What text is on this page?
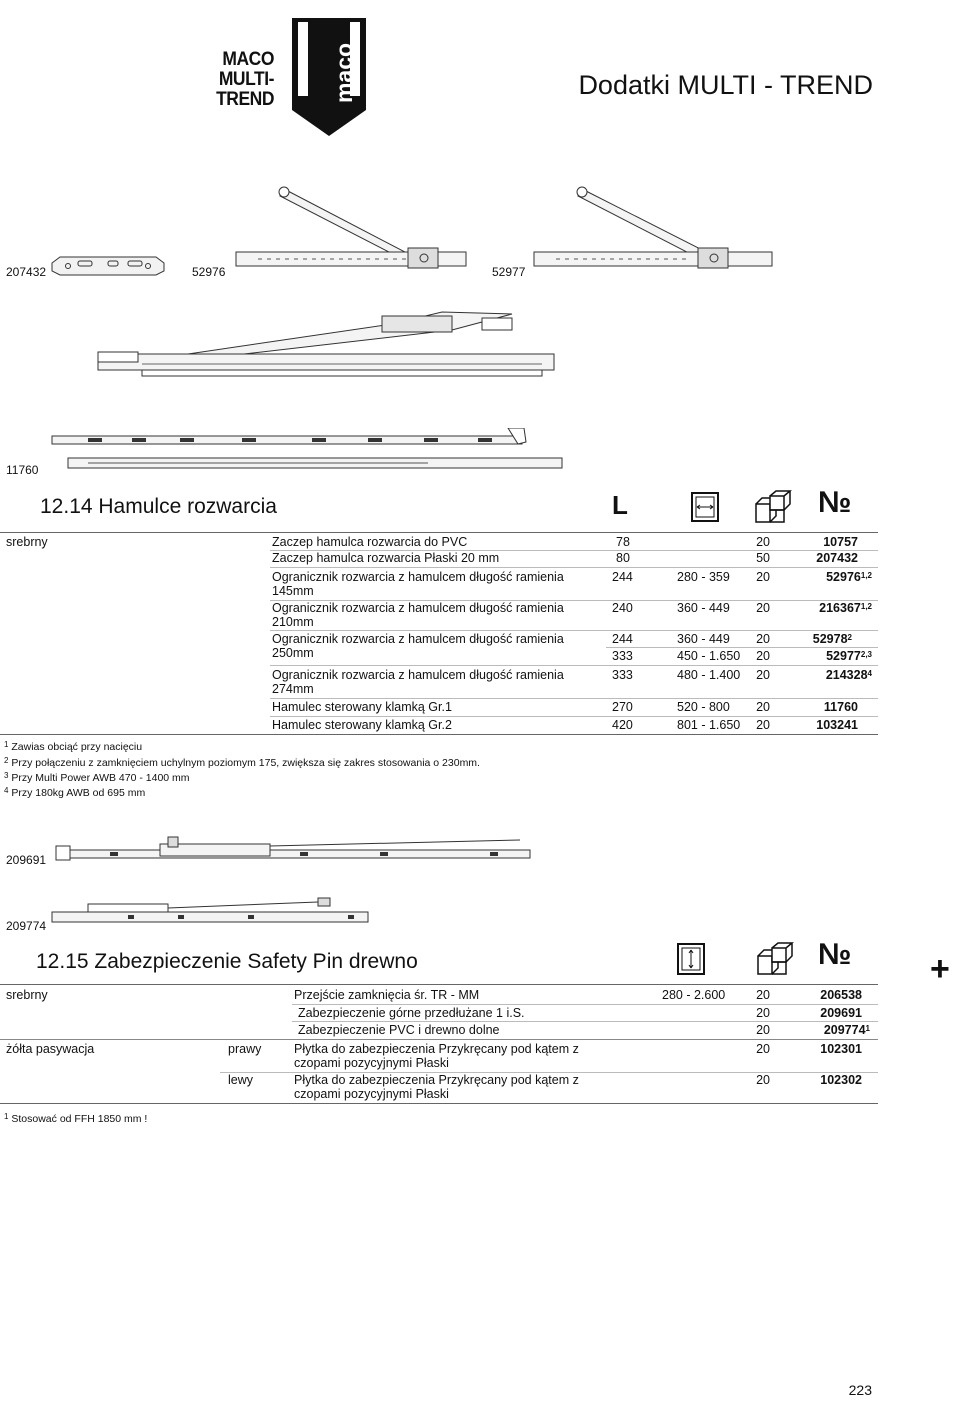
MACO
MULTI-TREND maco	Dodatki MULTI - TREND
207432	52976	52977
11760
12.14 Hamulce rozwarcia	L	№
srebrny	Zaczep hamulca rozwarcia do PVC	78	20	10757
Zaczep hamulca rozwarcia Płaski 20 mm	80	50	207432
Ogranicznik rozwarcia z hamulcem długość ramienia
145mm
244	280 - 359	20	52976$^{1,2}$
Ogranicznik rozwarcia z hamulcem długość ramienia
210mm
240	360 - 449	20	216367$^{1,2}$
Ogranicznik rozwarcia z hamulcem długość ramienia
250mm
244	360 - 449	20	52978$^2$
333	450 - 1.650	20	52977$^{2,3}$
Ogranicznik rozwarcia z hamulcem długość ramienia
274mm
333	480 - 1.400	20	214328$^4$
Hamulec sterowany klamką Gr.1	270	520 - 800	20	11760
Hamulec sterowany klamką Gr.2	420	801 - 1.650	20	103241
$^1$ Zawias obciąć przy nacięciu
$^2$ Przy połączeniu z zamknięciem uchylnym poziomym 175, zwiększa się zakres stosowania o 230mm.
$^3$ Przy Multi Power AWB 470 - 1400 mm
$^4$ Przy 180kg AWB od 695 mm
209691
209774
12.15 Zabezpieczenie Safety Pin drewno	№ +
srebrny	Przejście zamknięcia śr. TR - MM	280 - 2.600	20	206538
Zabezpieczenie górne przedłużane 1 i.S.	20	209691
Zabezpieczenie PVC i drewno dolne	20	209774$^1$
żółta pasywacja	prawy	Płytka do zabezpieczenia Przykręcany pod kątem z
czopami pozycyjnymi Płaski
20	102301
lewy	Płytka do zabezpieczenia Przykręcany pod kątem z
czopami pozycyjnymi Płaski
20	102302
$^1$ Stosować od FFH 1850 mm !
223
